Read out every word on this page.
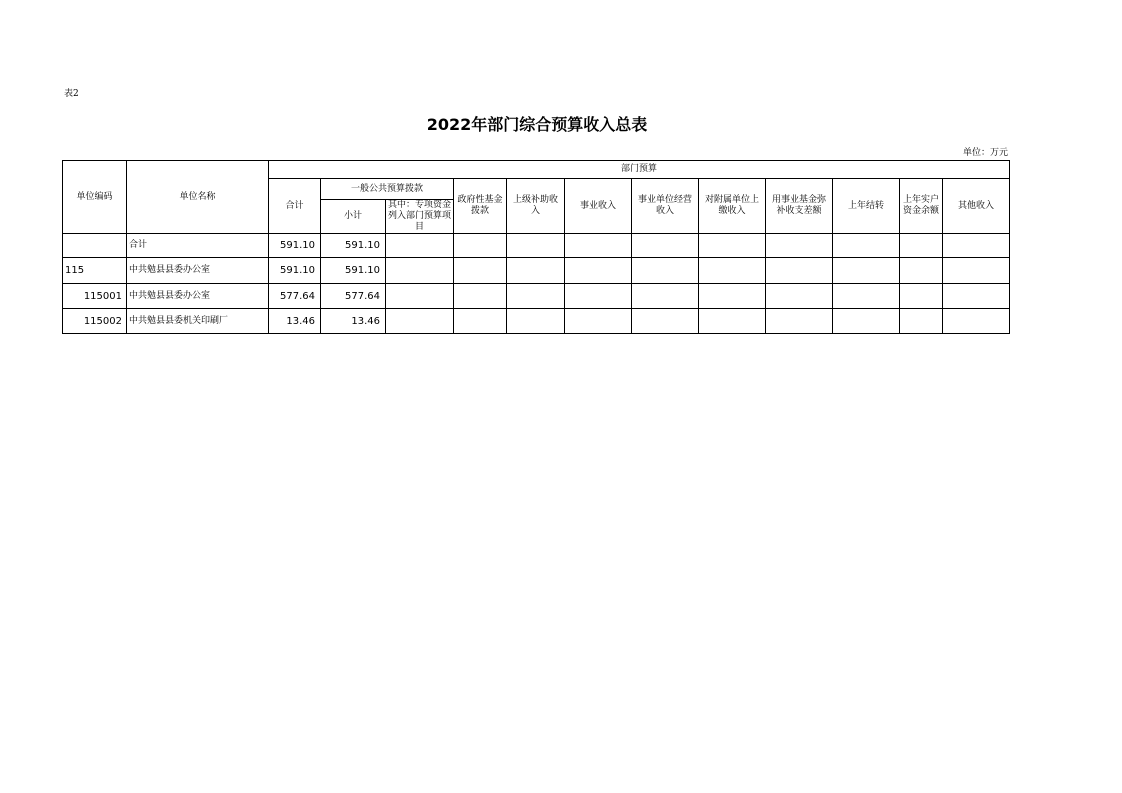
表2
2022年部门综合预算收入总表
单位：万元
单位编码	单位名称	部门预算											
		合计	一般公共预算拨款		政府性基金拨款	上级补助收入	事业收入	事业单位经营收入	对附属单位上缴收入	用事业基金弥补收支差额	上年结转	上年实户资金余额	其他收入
			小计	其中：专项资金列入部门预算项目									
	合计	591.10	591.10										
115	中共勉县县委办公室	591.10	591.10										
115001	中共勉县县委办公室	577.64	577.64										
115002	中共勉县县委机关印刷厂	13.46	13.46										
